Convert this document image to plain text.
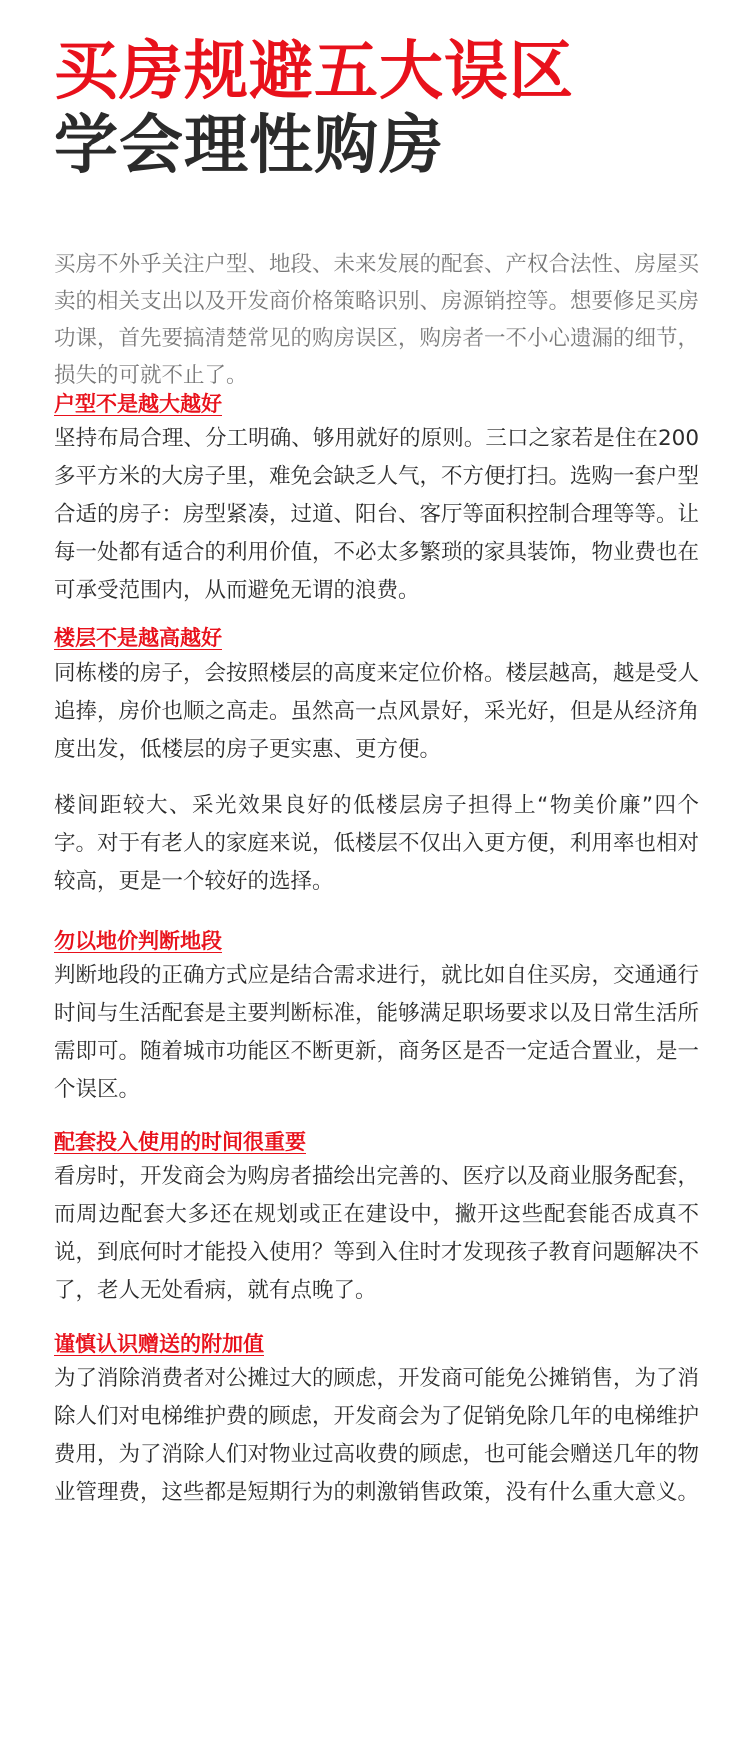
买房规避五大误区
学会理性购房

买房不外乎关注户型、地段、未来发展的配套、产权合法性、房屋买卖的相关支出以及开发商价格策略识别、房源销控等。想要修足买房功课，首先要搞清楚常见的购房误区，购房者一不小心遗漏的细节，损失的可就不止了。

户型不是越大越好

坚持布局合理、分工明确、够用就好的原则。三口之家若是住在200多平方米的大房子里，难免会缺乏人气，不方便打扫。选购一套户型合适的房子：房型紧凑，过道、阳台、客厅等面积控制合理等等。让每一处都有适合的利用价值，不必太多繁琐的家具装饰，物业费也在可承受范围内，从而避免无谓的浪费。

楼层不是越高越好

同栋楼的房子，会按照楼层的高度来定位价格。楼层越高，越是受人追捧，房价也顺之高走。虽然高一点风景好，采光好，但是从经济角度出发，低楼层的房子更实惠、更方便。

楼间距较大、采光效果良好的低楼层房子担得上“物美价廉”四个字。对于有老人的家庭来说，低楼层不仅出入更方便，利用率也相对较高，更是一个较好的选择。

勿以地价判断地段

判断地段的正确方式应是结合需求进行，就比如自住买房，交通通行时间与生活配套是主要判断标准，能够满足职场要求以及日常生活所需即可。随着城市功能区不断更新，商务区是否一定适合置业，是一个误区。

配套投入使用的时间很重要

看房时，开发商会为购房者描绘出完善的、医疗以及商业服务配套，而周边配套大多还在规划或正在建设中，撇开这些配套能否成真不说，到底何时才能投入使用？等到入住时才发现孩子教育问题解决不了，老人无处看病，就有点晚了。

谨慎认识赠送的附加值

为了消除消费者对公摊过大的顾虑，开发商可能免公摊销售，为了消除人们对电梯维护费的顾虑，开发商会为了促销免除几年的电梯维护费用，为了消除人们对物业过高收费的顾虑，也可能会赠送几年的物业管理费，这些都是短期行为的刺激销售政策，没有什么重大意义。
